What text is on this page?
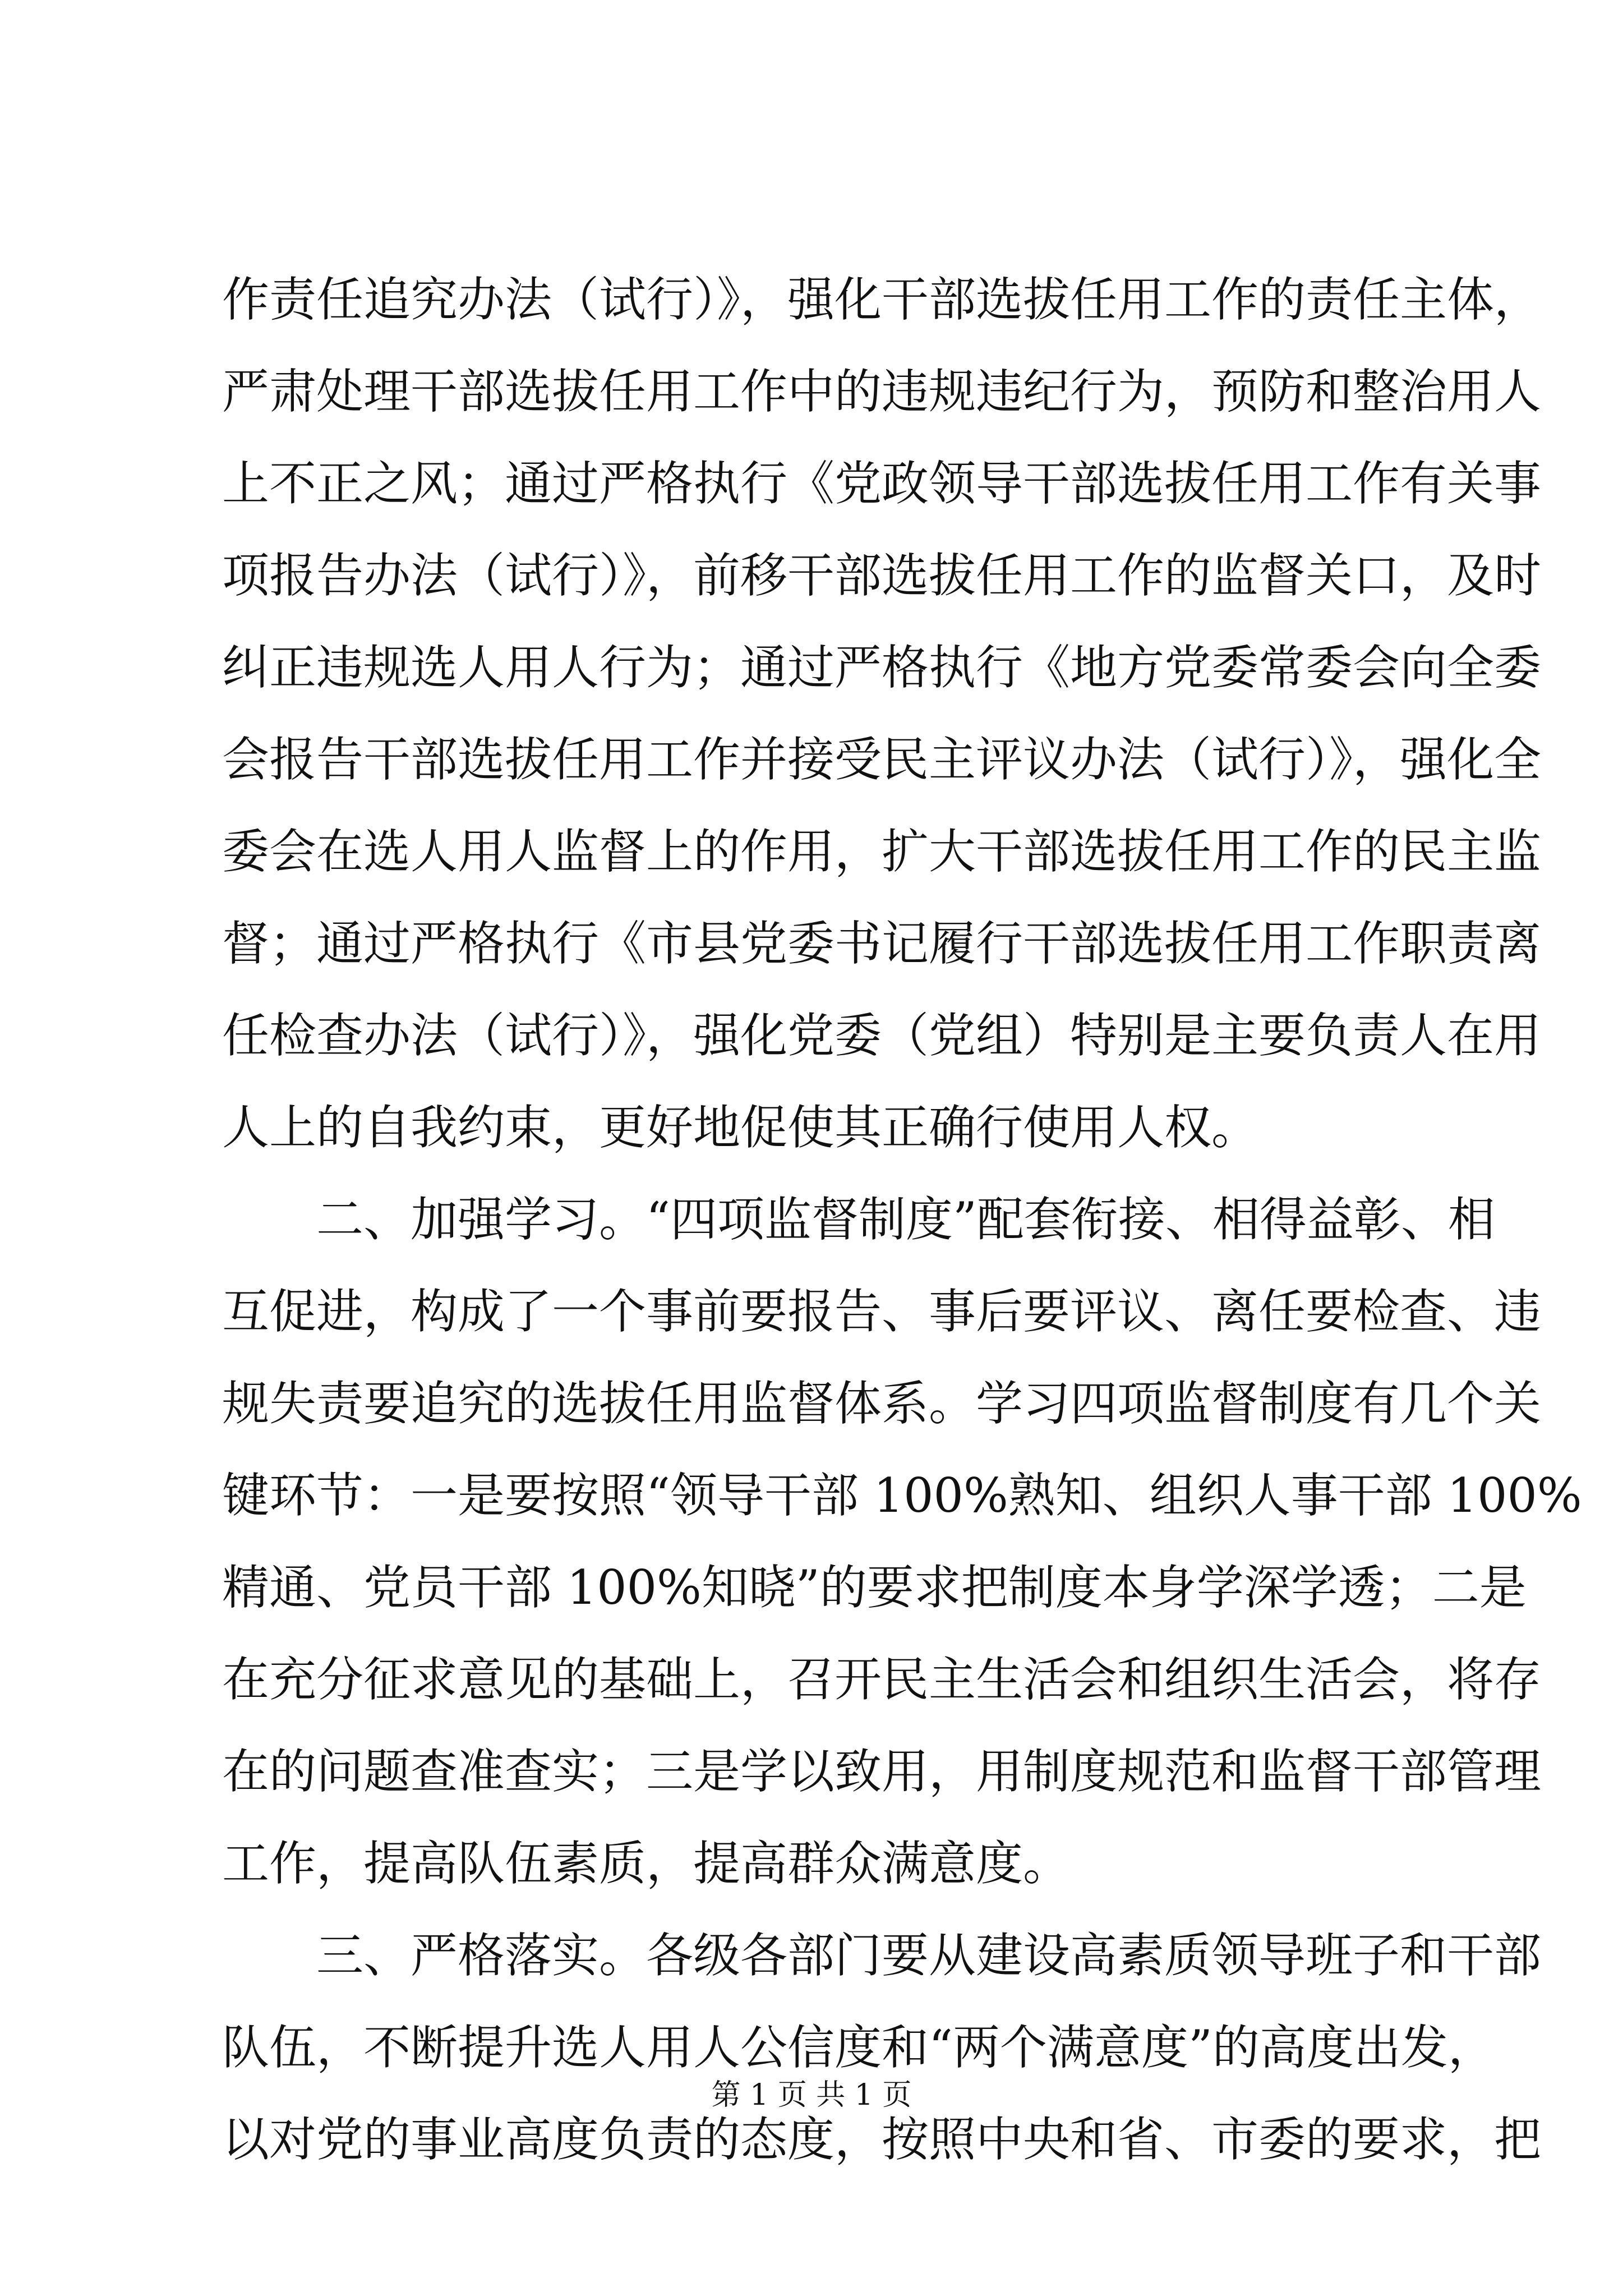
作责任追究办法（试行）》，强化干部选拔任用工作的责任主体，
严肃处理干部选拔任用工作中的违规违纪行为，预防和整治用人
上不正之风；通过严格执行《党政领导干部选拔任用工作有关事
项报告办法（试行）》，前移干部选拔任用工作的监督关口，及时
纠正违规选人用人行为；通过严格执行《地方党委常委会向全委
会报告干部选拔任用工作并接受民主评议办法（试行）》，强化全
委会在选人用人监督上的作用，扩大干部选拔任用工作的民主监
督；通过严格执行《市县党委书记履行干部选拔任用工作职责离
任检查办法（试行）》，强化党委（党组）特别是主要负责人在用
人上的自我约束，更好地促使其正确行使用人权。
二、加强学习。“四项监督制度”配套衔接、相得益彰、相
互促进，构成了一个事前要报告、事后要评议、离任要检查、违
规失责要追究的选拔任用监督体系。学习四项监督制度有几个关
键环节：一是要按照“领导干部 100%熟知、组织人事干部 100%
精通、党员干部 100%知晓”的要求把制度本身学深学透；二是
在充分征求意见的基础上，召开民主生活会和组织生活会，将存
在的问题查准查实；三是学以致用，用制度规范和监督干部管理
工作，提高队伍素质，提高群众满意度。
三、严格落实。各级各部门要从建设高素质领导班子和干部
队伍，不断提升选人用人公信度和“两个满意度”的高度出发，
以对党的事业高度负责的态度，按照中央和省、市委的要求，把
第 1 页 共 1 页
